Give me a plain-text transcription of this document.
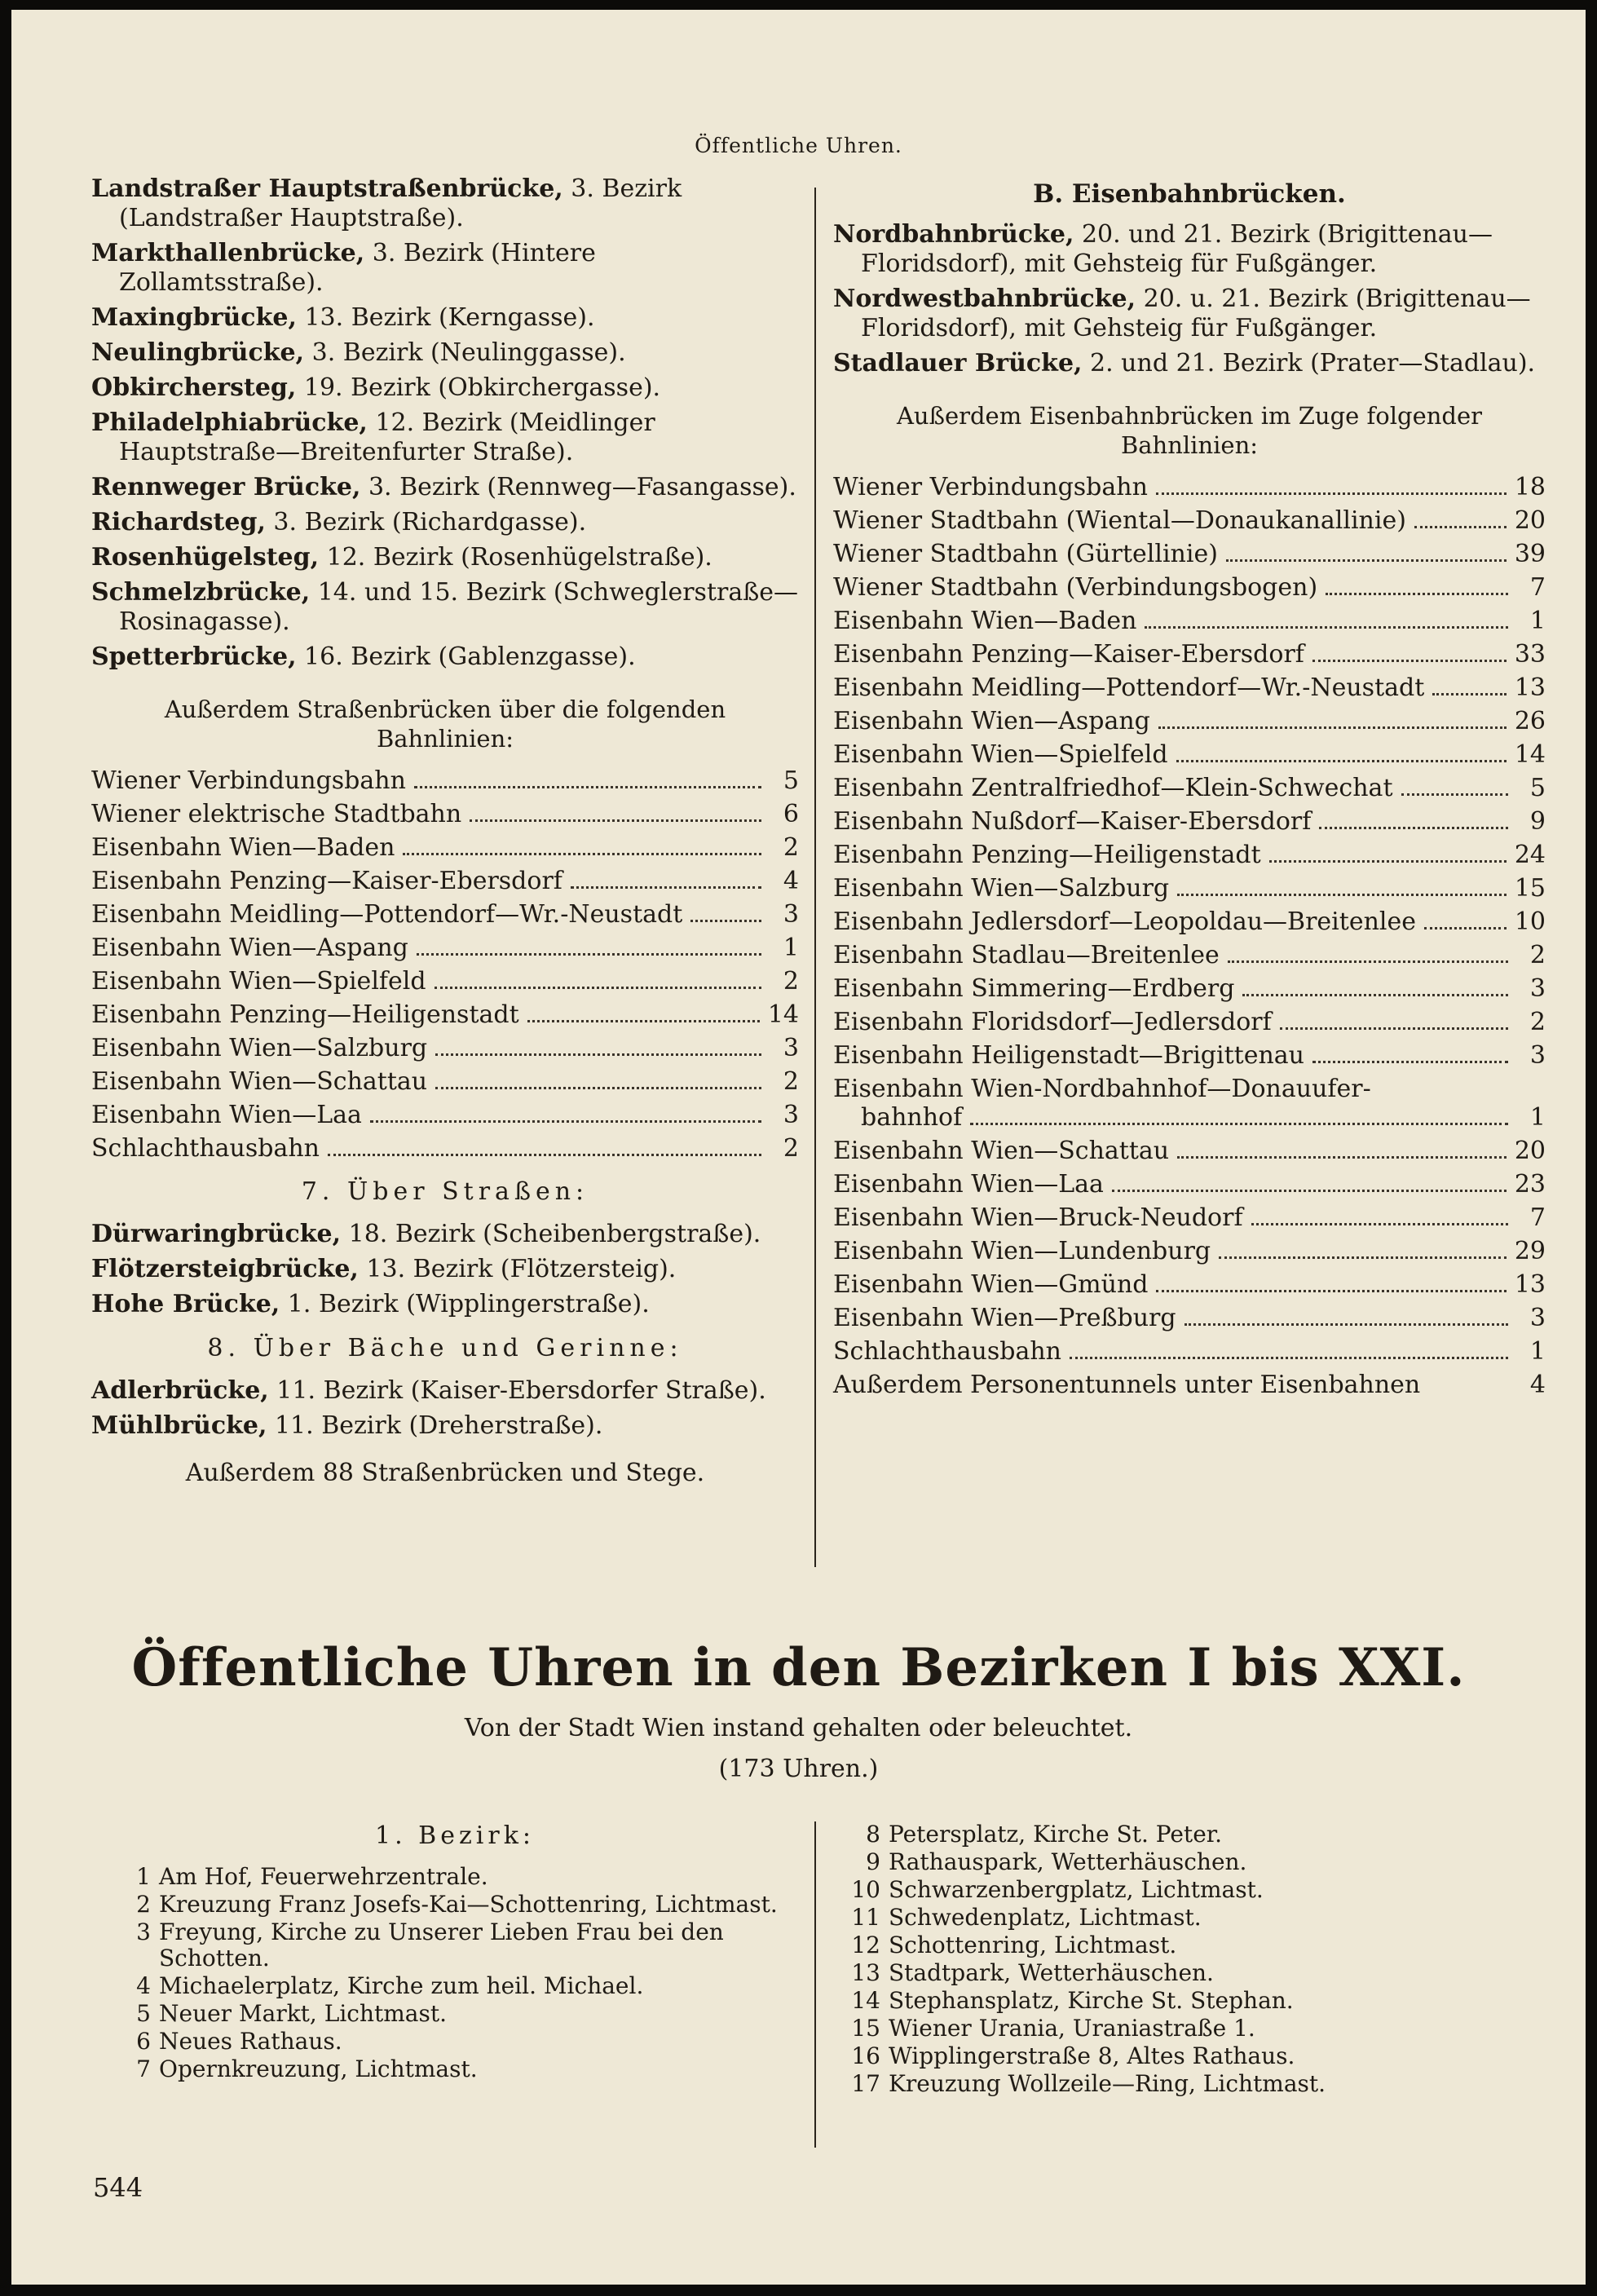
Öffentliche Uhren.

Landstraßer Hauptstraßenbrücke, 3. Bezirk (Landstraßer Hauptstraße).

Markthallenbrücke, 3. Bezirk (Hintere Zollamtsstraße).

Maxingbrücke, 13. Bezirk (Kerngasse).

Neulingbrücke, 3. Bezirk (Neulinggasse).

Obkirchersteg, 19. Bezirk (Obkirchergasse).

Philadelphiabrücke, 12. Bezirk (Meidlinger Hauptstraße—Breitenfurter Straße).

Rennweger Brücke, 3. Bezirk (Rennweg—Fasangasse).

Richardsteg, 3. Bezirk (Richardgasse).

Rosenhügelsteg, 12. Bezirk (Rosenhügelstraße).

Schmelzbrücke, 14. und 15. Bezirk (Schweglerstraße—Rosinagasse).

Spetterbrücke, 16. Bezirk (Gablenzgasse).

Außerdem Straßenbrücken über die folgenden Bahnlinien:
Wiener Verbindungsbahn	5
Wiener elektrische Stadtbahn	6
Eisenbahn Wien—Baden	2
Eisenbahn Penzing—Kaiser-Ebersdorf	4
Eisenbahn Meidling—Pottendorf—Wr.-Neustadt	3
Eisenbahn Wien—Aspang	1
Eisenbahn Wien—Spielfeld	2
Eisenbahn Penzing—Heiligenstadt	14
Eisenbahn Wien—Salzburg	3
Eisenbahn Wien—Schattau	2
Eisenbahn Wien—Laa	3
Schlachthausbahn	2
7. Über Straßen:

Dürwaringbrücke, 18. Bezirk (Scheibenbergstraße).

Flötzersteigbrücke, 13. Bezirk (Flötzersteig).

Hohe Brücke, 1. Bezirk (Wipplingerstraße).

8. Über Bäche und Gerinne:

Adlerbrücke, 11. Bezirk (Kaiser-Ebersdorfer Straße).

Mühlbrücke, 11. Bezirk (Dreherstraße).

Außerdem 88 Straßenbrücken und Stege.
B. Eisenbahnbrücken.

Nordbahnbrücke, 20. und 21. Bezirk (Brigittenau—Floridsdorf), mit Gehsteig für Fußgänger.

Nordwestbahnbrücke, 20. u. 21. Bezirk (Brigittenau—Floridsdorf), mit Gehsteig für Fußgänger.

Stadlauer Brücke, 2. und 21. Bezirk (Prater—Stadlau).

Außerdem Eisenbahnbrücken im Zuge folgender Bahnlinien:
Wiener Verbindungsbahn	18
Wiener Stadtbahn (Wiental—Donaukanallinie)	20
Wiener Stadtbahn (Gürtellinie)	39
Wiener Stadtbahn (Verbindungsbogen)	7
Eisenbahn Wien—Baden	1
Eisenbahn Penzing—Kaiser-Ebersdorf	33
Eisenbahn Meidling—Pottendorf—Wr.-Neustadt	13
Eisenbahn Wien—Aspang	26
Eisenbahn Wien—Spielfeld	14
Eisenbahn Zentralfriedhof—Klein-Schwechat	5
Eisenbahn Nußdorf—Kaiser-Ebersdorf	9
Eisenbahn Penzing—Heiligenstadt	24
Eisenbahn Wien—Salzburg	15
Eisenbahn Jedlersdorf—Leopoldau—Breitenlee	10
Eisenbahn Stadlau—Breitenlee	2
Eisenbahn Simmering—Erdberg	3
Eisenbahn Floridsdorf—Jedlersdorf	2
Eisenbahn Heiligenstadt—Brigittenau	3
Eisenbahn Wien-Nordbahnhof—Donauufer-
bahnhof	1
Eisenbahn Wien—Schattau	20
Eisenbahn Wien—Laa	23
Eisenbahn Wien—Bruck-Neudorf	7
Eisenbahn Wien—Lundenburg	29
Eisenbahn Wien—Gmünd	13
Eisenbahn Wien—Preßburg	3
Schlachthausbahn	1
Außerdem Personentunnels unter Eisenbahnen	4
Öffentliche Uhren in den Bezirken I bis XXI.
Von der Stadt Wien instand gehalten oder beleuchtet.
(173 Uhren.)
1. Bezirk:
1 Am Hof, Feuerwehrzentrale.
2 Kreuzung Franz Josefs-Kai—Schottenring, Lichtmast.
3 Freyung, Kirche zu Unserer Lieben Frau bei den Schotten.
4 Michaelerplatz, Kirche zum heil. Michael.
5 Neuer Markt, Lichtmast.
6 Neues Rathaus.
7 Opernkreuzung, Lichtmast.
8 Petersplatz, Kirche St. Peter.
9 Rathauspark, Wetterhäuschen.
10 Schwarzenbergplatz, Lichtmast.
11 Schwedenplatz, Lichtmast.
12 Schottenring, Lichtmast.
13 Stadtpark, Wetterhäuschen.
14 Stephansplatz, Kirche St. Stephan.
15 Wiener Urania, Uraniastraße 1.
16 Wipplingerstraße 8, Altes Rathaus.
17 Kreuzung Wollzeile—Ring, Lichtmast.
544
